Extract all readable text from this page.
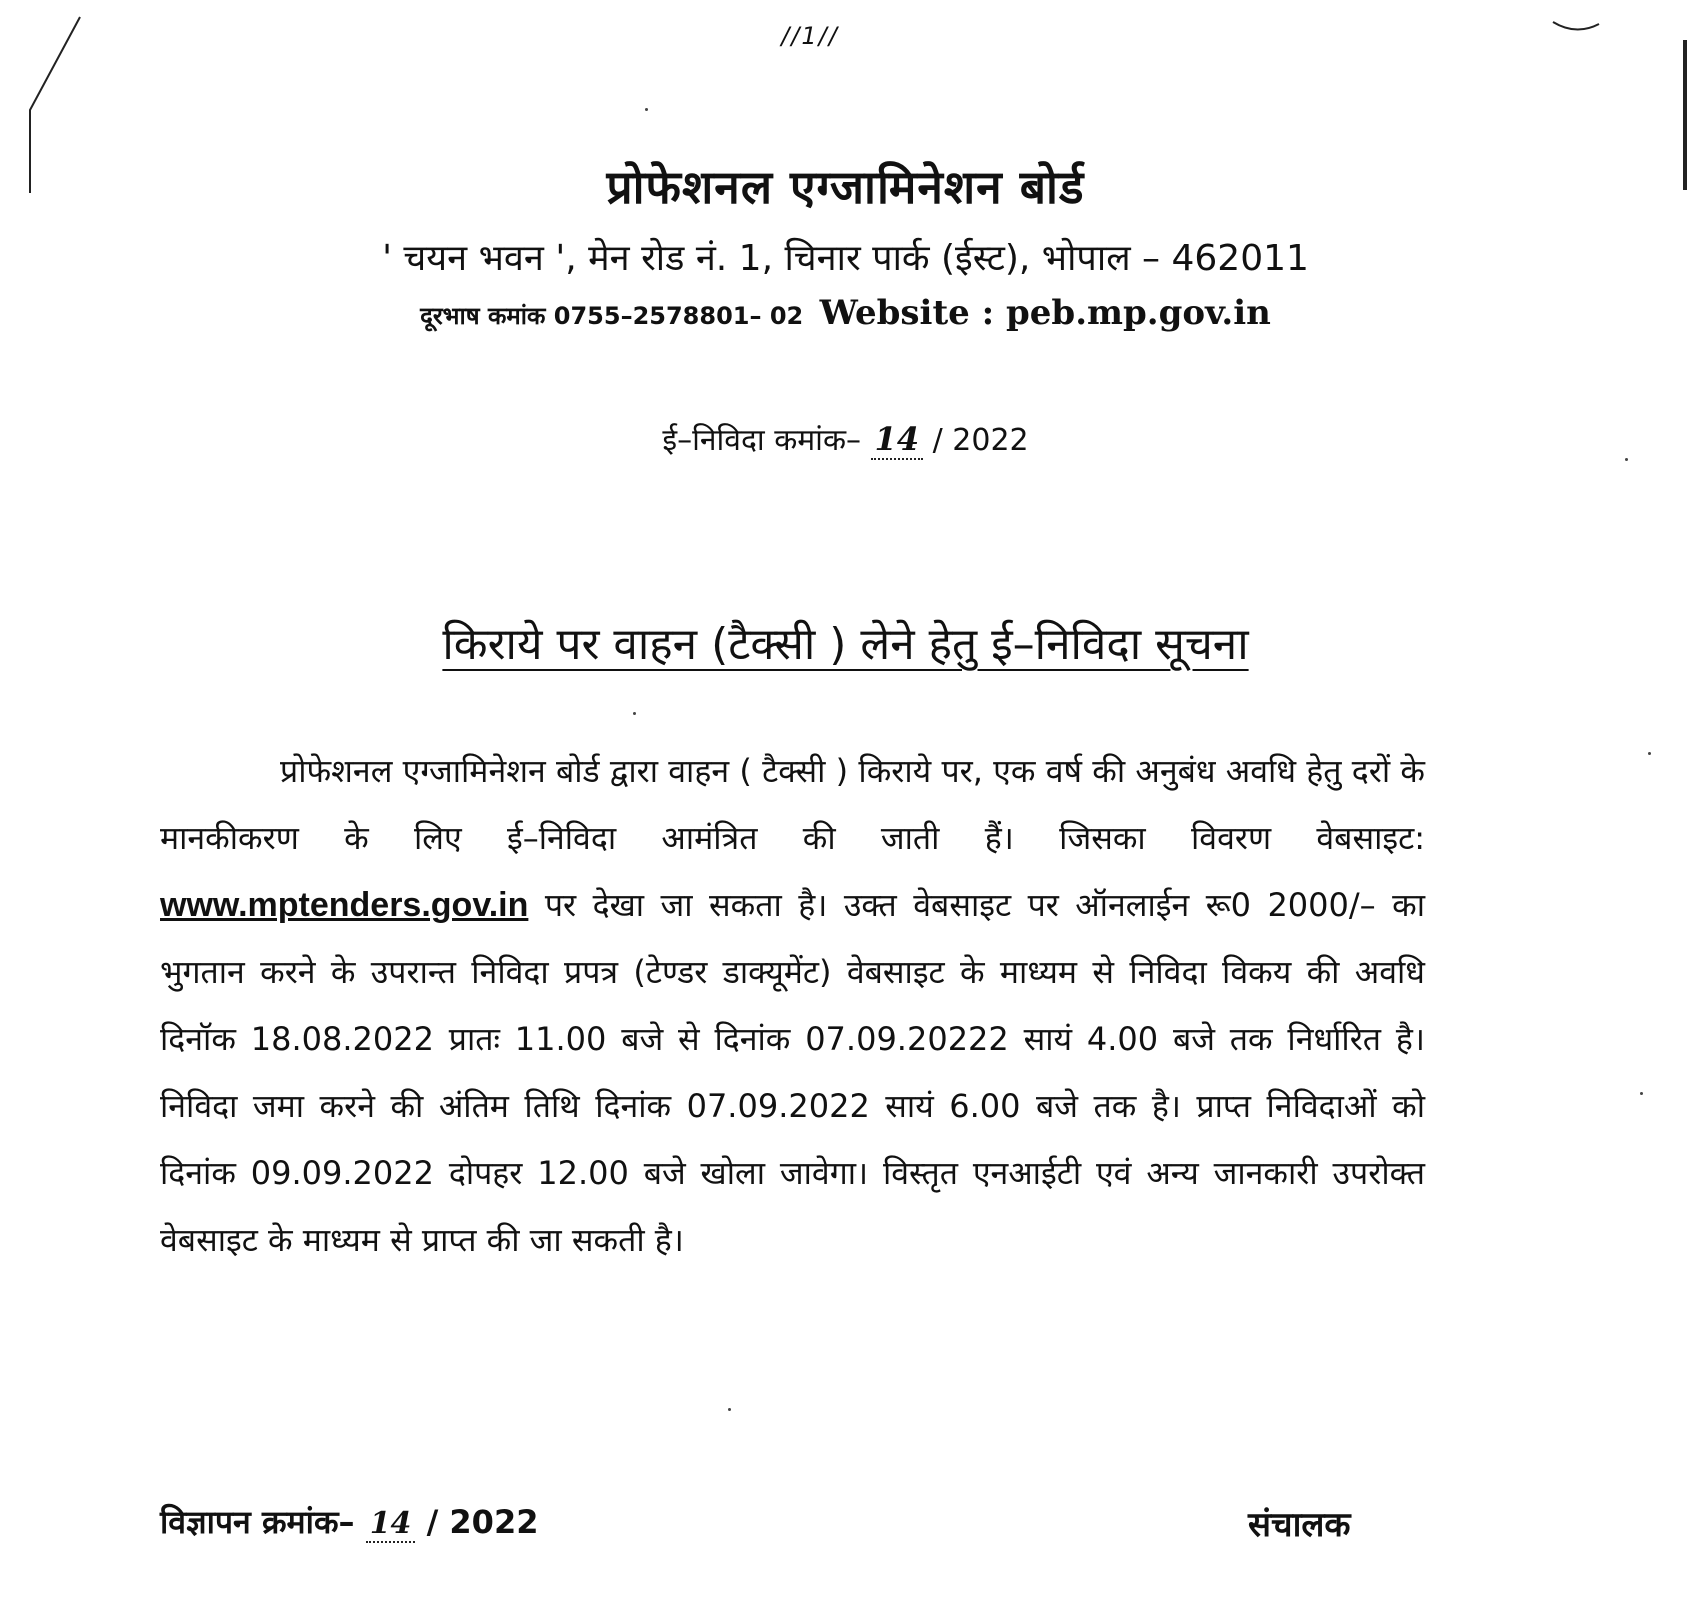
//1//
प्रोफेशनल एग्जामिनेशन बोर्ड
' चयन भवन ', मेन रोड नं. 1, चिनार पार्क (ईस्ट), भोपाल – 462011
दूरभाष कमांक 0755–2578801– 02 Website : peb.mp.gov.in
ई–निविदा कमांक– 14 / 2022
किराये पर वाहन (टैक्सी ) लेने हेतु ई–निविदा सूचना
प्रोफेशनल एग्जामिनेशन बोर्ड द्वारा वाहन ( टैक्सी ) किराये पर, एक वर्ष की अनुबंध अवधि हेतु दरों के मानकीकरण के लिए ई–निविदा आमंत्रित की जाती हैं। जिसका विवरण वेबसाइट: www.mptenders.gov.in पर देखा जा सकता है। उक्त वेबसाइट पर ऑनलाईन रू0 2000/– का भुगतान करने के उपरान्त निविदा प्रपत्र (टेण्डर डाक्यूमेंट) वेबसाइट के माध्यम से निविदा विकय की अवधि दिनॉक 18.08.2022 प्रातः 11.00 बजे से दिनांक 07.09.20222 सायं 4.00 बजे तक निर्धारित है। निविदा जमा करने की अंतिम तिथि दिनांक 07.09.2022 सायं 6.00 बजे तक है। प्राप्त निविदाओं को दिनांक 09.09.2022 दोपहर 12.00 बजे खोला जावेगा। विस्तृत एनआईटी एवं अन्य जानकारी उपरोक्त वेबसाइट के माध्यम से प्राप्त की जा सकती है।
विज्ञापन क्रमांक– 14 / 2022	संचालक
